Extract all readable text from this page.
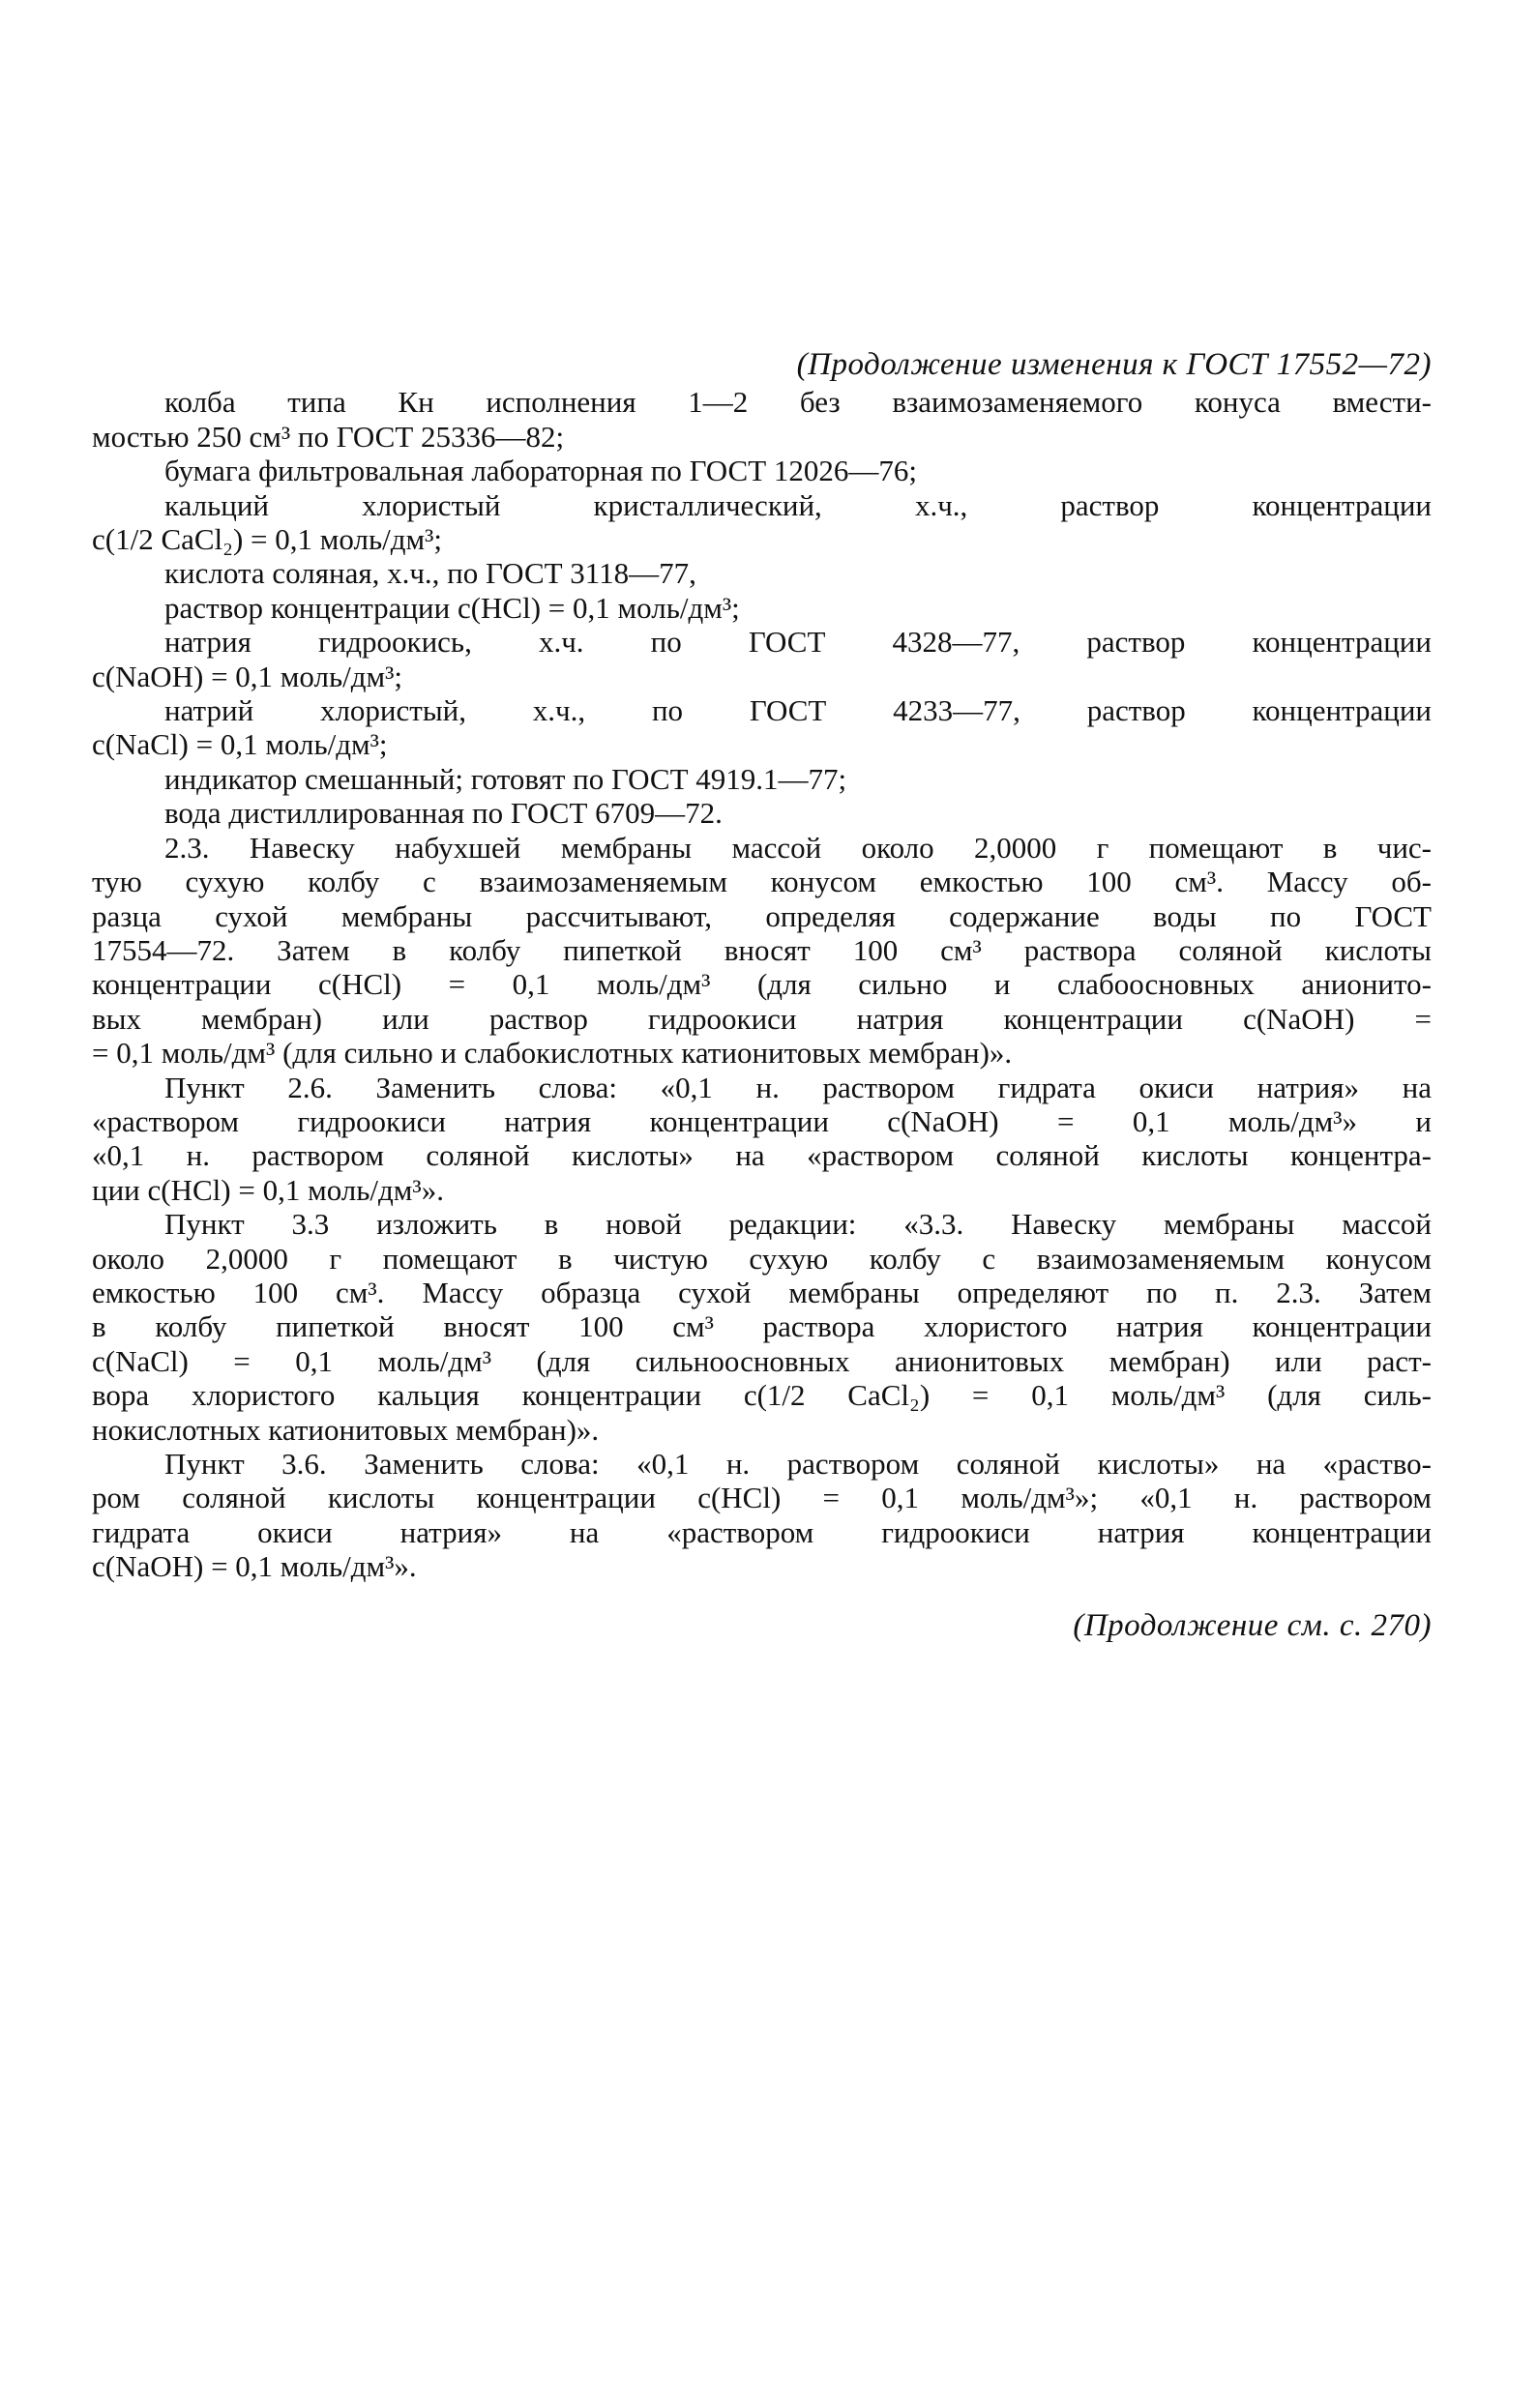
(Продолжение изменения к ГОСТ 17552—72)
колба типа Кн исполнения 1—2 без взаимозаменяемого конуса вмести-
мостью 250 см³ по ГОСТ 25336—82;
бумага фильтровальная лабораторная по ГОСТ 12026—76;
кальций хлористый кристаллический, х.ч., раствор концентрации
c(1/2 CaCl₂) = 0,1 моль/дм³;
кислота соляная, х.ч., по ГОСТ 3118—77,
раствор концентрации c(HCl) = 0,1 моль/дм³;
натрия гидроокись, х.ч. по ГОСТ 4328—77, раствор концентрации
c(NaOH) = 0,1 моль/дм³;
натрий хлористый, х.ч., по ГОСТ 4233—77, раствор концентрации
c(NaCl) = 0,1 моль/дм³;
индикатор смешанный; готовят по ГОСТ 4919.1—77;
вода дистиллированная по ГОСТ 6709—72.
2.3. Навеску набухшей мембраны массой около 2,0000 г помещают в чис-
тую сухую колбу с взаимозаменяемым конусом емкостью 100 см³. Массу об-
разца сухой мембраны рассчитывают, определяя содержание воды по ГОСТ
17554—72. Затем в колбу пипеткой вносят 100 см³ раствора соляной кислоты
концентрации c(HCl) = 0,1 моль/дм³ (для сильно и слабоосновных анионито-
вых мембран) или раствор гидроокиси натрия концентрации c(NaOH) =
= 0,1 моль/дм³ (для сильно и слабокислотных катионитовых мембран)».
Пункт 2.6. Заменить слова: «0,1 н. раствором гидрата окиси натрия» на
«раствором гидроокиси натрия концентрации c(NaOH) = 0,1 моль/дм³» и
«0,1 н. раствором соляной кислоты» на «раствором соляной кислоты концентра-
ции c(HCl) = 0,1 моль/дм³».
Пункт 3.3 изложить в новой редакции: «3.3. Навеску мембраны массой
около 2,0000 г помещают в чистую сухую колбу с взаимозаменяемым конусом
емкостью 100 см³. Массу образца сухой мембраны определяют по п. 2.3. Затем
в колбу пипеткой вносят 100 см³ раствора хлористого натрия концентрации
c(NaCl) = 0,1 моль/дм³ (для сильноосновных анионитовых мембран) или раст-
вора хлористого кальция концентрации c(1/2 CaCl₂) = 0,1 моль/дм³ (для силь-
нокислотных катионитовых мембран)».
Пункт 3.6. Заменить слова: «0,1 н. раствором соляной кислоты» на «раство-
ром соляной кислоты концентрации c(HCl) = 0,1 моль/дм³»; «0,1 н. раствором
гидрата окиси натрия» на «раствором гидроокиси натрия концентрации
c(NaOH) = 0,1 моль/дм³».
(Продолжение см. с. 270)
